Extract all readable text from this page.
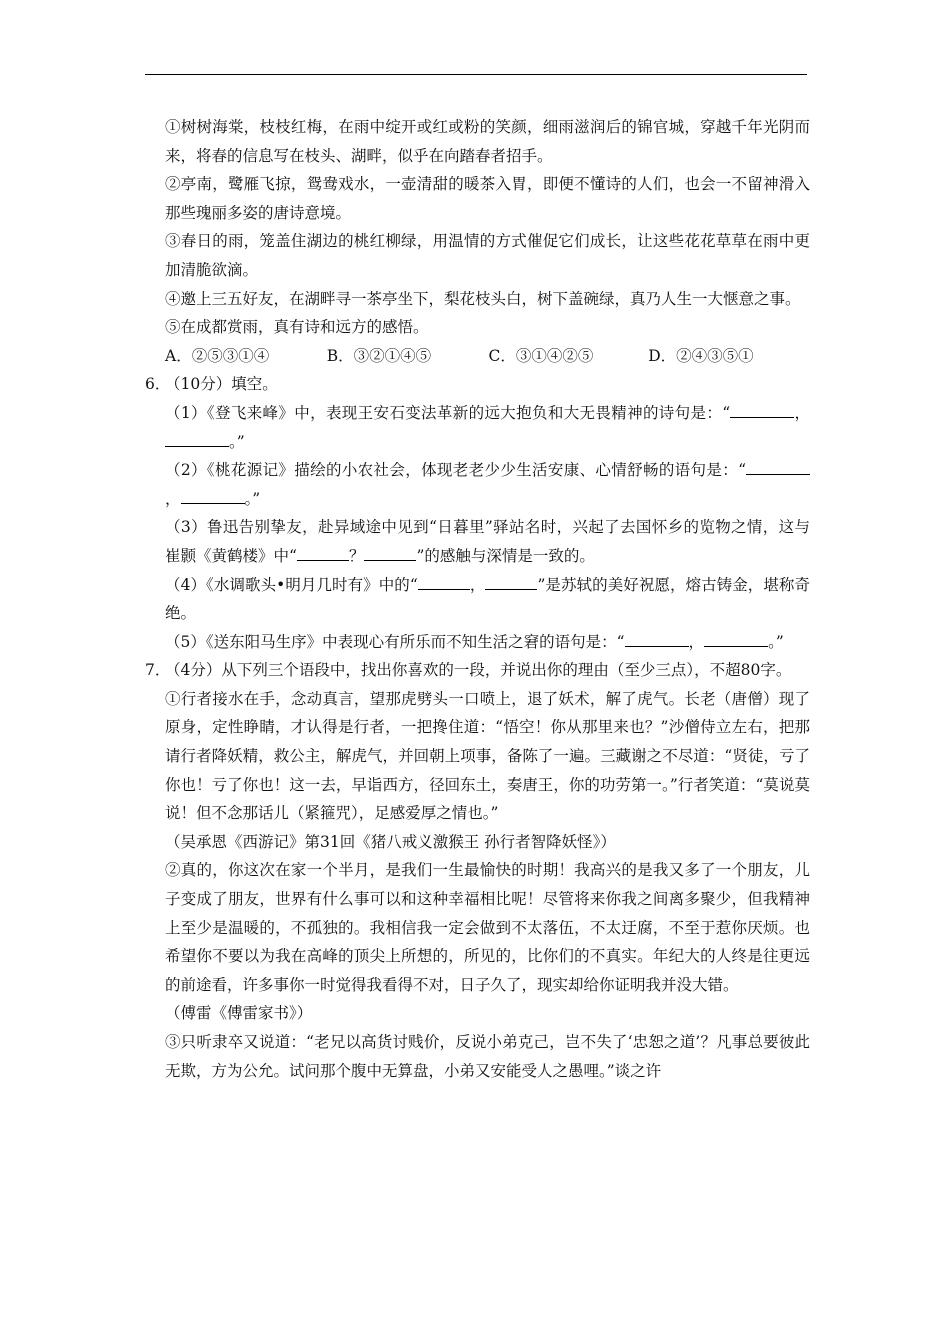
①树树海棠，枝枝红梅，在雨中绽开或红或粉的笑颜，细雨滋润后的锦官城，穿越千年光阴而来，将春的信息写在枝头、湖畔，似乎在向踏春者招手。

②亭南，鹭雁飞掠，鸳鸯戏水，一壶清甜的暖茶入胃，即便不懂诗的人们，也会一不留神滑入那些瑰丽多姿的唐诗意境。

③春日的雨，笼盖住湖边的桃红柳绿，用温情的方式催促它们成长，让这些花花草草在雨中更加清脆欲滴。

④邀上三五好友，在湖畔寻一茶亭坐下，梨花枝头白，树下盖碗绿，真乃人生一大惬意之事。

⑤在成都赏雨，真有诗和远方的感悟。

A．②⑤③①④	B．③②①④⑤	C．③①④②⑤	D．②④③⑤①

6．

（10分）填空。

（1）《登飞来峰》中，表现王安石变法革新的远大抱负和大无畏精神的诗句是：“	，。”

（2）《桃花源记》描绘的小农社会，体现老老少少生活安康、心情舒畅的语句是：“，	。”

（3）鲁迅告别挚友，赴异域途中见到“日暮里”驿站名时，兴起了去国怀乡的览物之情，这与崔颢《黄鹤楼》中“	？	”的感触与深情是一致的。

（4）《水调歌头•明月几时有》中的“	，	”是苏轼的美好祝愿，熔古铸金，堪称奇绝。

（5）《送东阳马生序》中表现心有所乐而不知生活之窘的语句是：“	，	。”

7．

（4分）从下列三个语段中，找出你喜欢的一段，并说出你的理由（至少三点），不超80字。

①行者接水在手，念动真言，望那虎劈头一口喷上，退了妖术，解了虎气。长老（唐僧）现了原身，定性睁睛，才认得是行者，一把搀住道：“悟空！你从那里来也？”沙僧侍立左右，把那请行者降妖精，救公主，解虎气，并回朝上项事，备陈了一遍。三藏谢之不尽道：“贤徒，亏了你也！亏了你也！这一去，早诣西方，径回东土，奏唐王，你的功劳第一。”行者笑道：“莫说莫说！但不念那话儿（紧箍咒），足感爱厚之情也。”

（吴承恩《西游记》第31回《猪八戒义激猴王 孙行者智降妖怪》）

②真的，你这次在家一个半月，是我们一生最愉快的时期！我高兴的是我又多了一个朋友，儿子变成了朋友，世界有什么事可以和这种幸福相比呢！尽管将来你我之间离多聚少，但我精神上至少是温暖的，不孤独的。我相信我一定会做到不太落伍，不太迂腐，不至于惹你厌烦。也希望你不要以为我在高峰的顶尖上所想的，所见的，比你们的不真实。年纪大的人终是往更远的前途看，许多事你一时觉得我看得不对，日子久了，现实却给你证明我并没大错。

（傅雷《傅雷家书》）

③只听隶卒又说道：“老兄以高货讨贱价，反说小弟克己，岂不失了‘忠恕之道’？凡事总要彼此无欺，方为公允。试问那个腹中无算盘，小弟又安能受人之愚哩。”谈之许
